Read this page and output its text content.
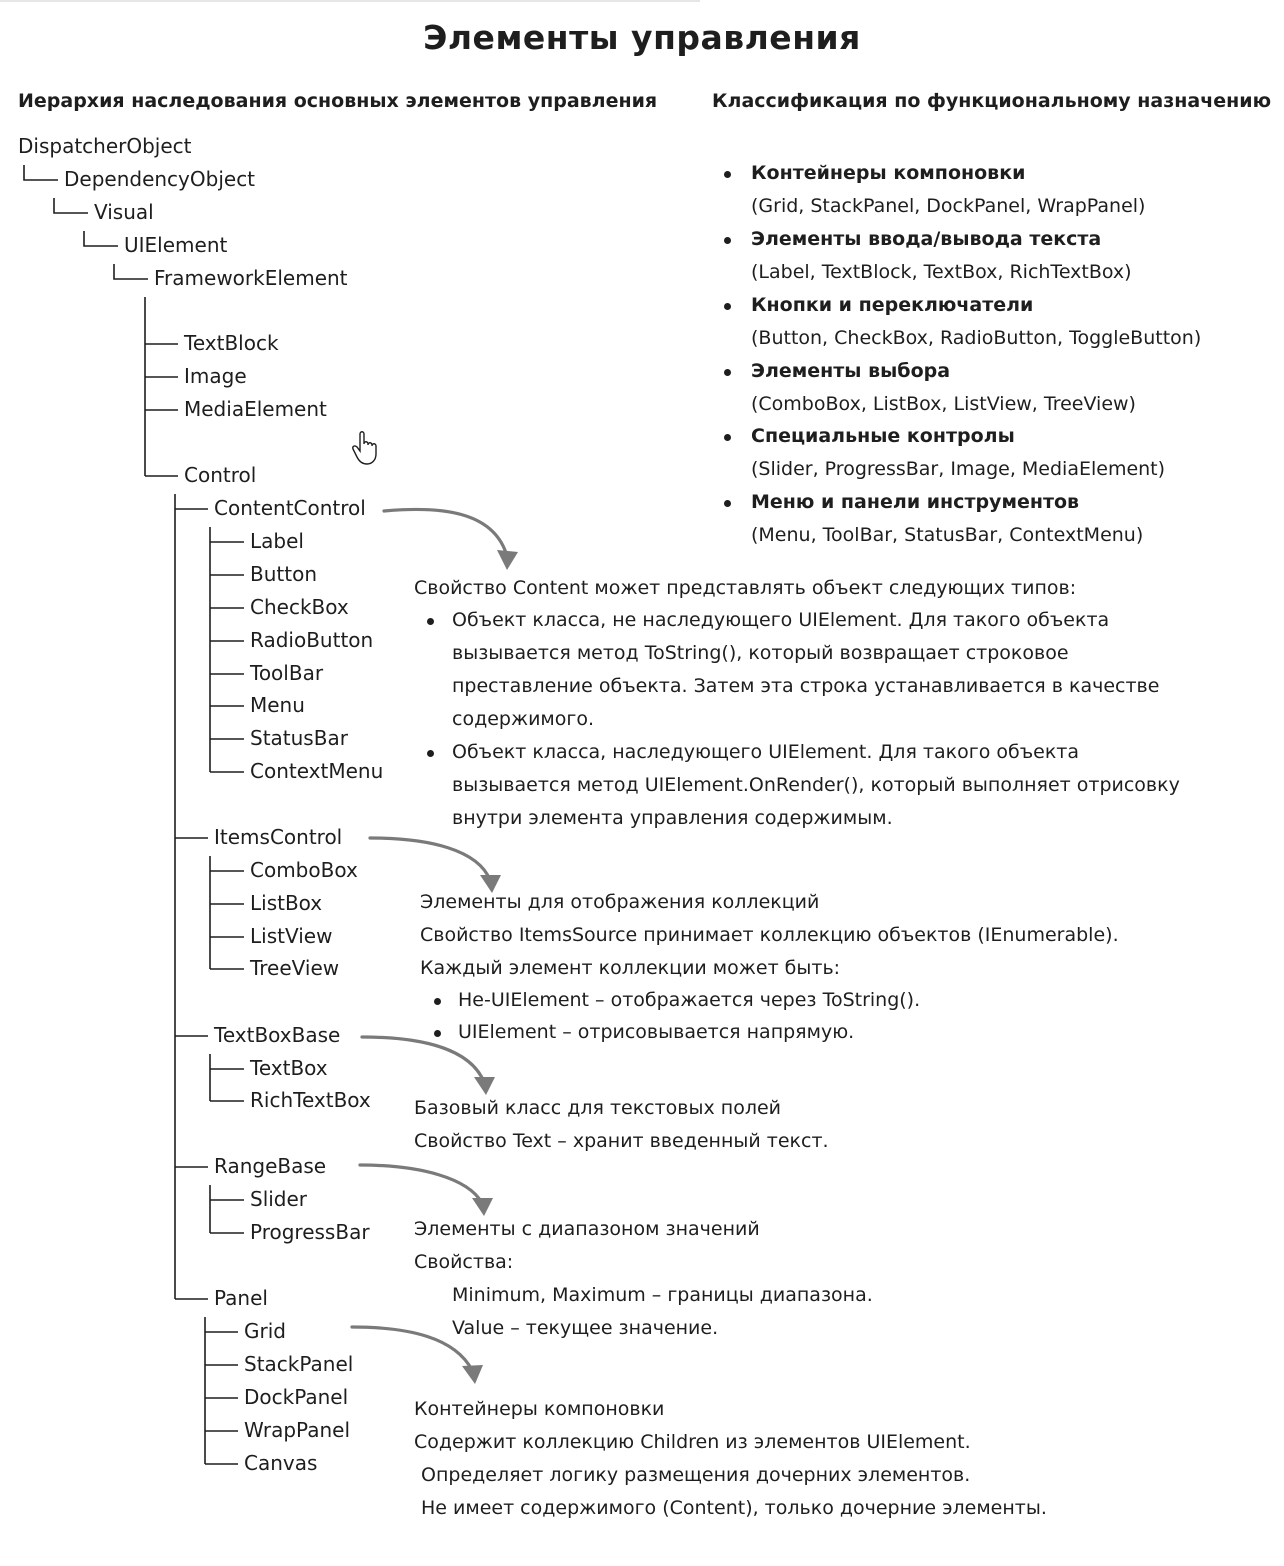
Элементы управления
Иерархия наследования основных элементов управления	Классификация по функциональному назначению
DispatcherObject
DependencyObject
Visual
UIElement
FrameworkElement
TextBlock
Image
MediaElement
Control
ContentControl
Label
Button
CheckBox
RadioButton
ToolBar
Menu
StatusBar
ContextMenu
ItemsControl
ComboBox
ListBox
ListView
TreeView
TextBoxBase
TextBox
RichTextBox
RangeBase
Slider
ProgressBar
Panel
Grid
StackPanel
DockPanel
WrapPanel
Canvas
Контейнеры компоновки
(Grid, StackPanel, DockPanel, WrapPanel)
Элементы ввода/вывода текста
(Label, TextBlock, TextBox, RichTextBox)
Кнопки и переключатели
(Button, CheckBox, RadioButton, ToggleButton)
Элементы выбора
(ComboBox, ListBox, ListView, TreeView)
Специальные контролы
(Slider, ProgressBar, Image, MediaElement)
Меню и панели инструментов
(Menu, ToolBar, StatusBar, ContextMenu)
Свойство Content может представлять объект следующих типов:
Объект класса, не наследующего UIElement. Для такого объекта
вызывается метод ToString(), который возвращает строковое
преставление объекта. Затем эта строка устанавливается в качестве
содержимого.
Объект класса, наследующего UIElement. Для такого объекта
вызывается метод UIElement.OnRender(), который выполняет отрисовку
внутри элемента управления содержимым.
Элементы для отображения коллекций
Свойство ItemsSource принимает коллекцию объектов (IEnumerable).
Каждый элемент коллекции может быть:
Не-UIElement – отображается через ToString().
UIElement – отрисовывается напрямую.
Базовый класс для текстовых полей
Свойство Text – хранит введенный текст.
Элементы с диапазоном значений
Свойства:
Minimum, Maximum – границы диапазона.
Value – текущее значение.
Контейнеры компоновки
Содержит коллекцию Children из элементов UIElement.
Определяет логику размещения дочерних элементов.
Не имеет содержимого (Content), только дочерние элементы.
